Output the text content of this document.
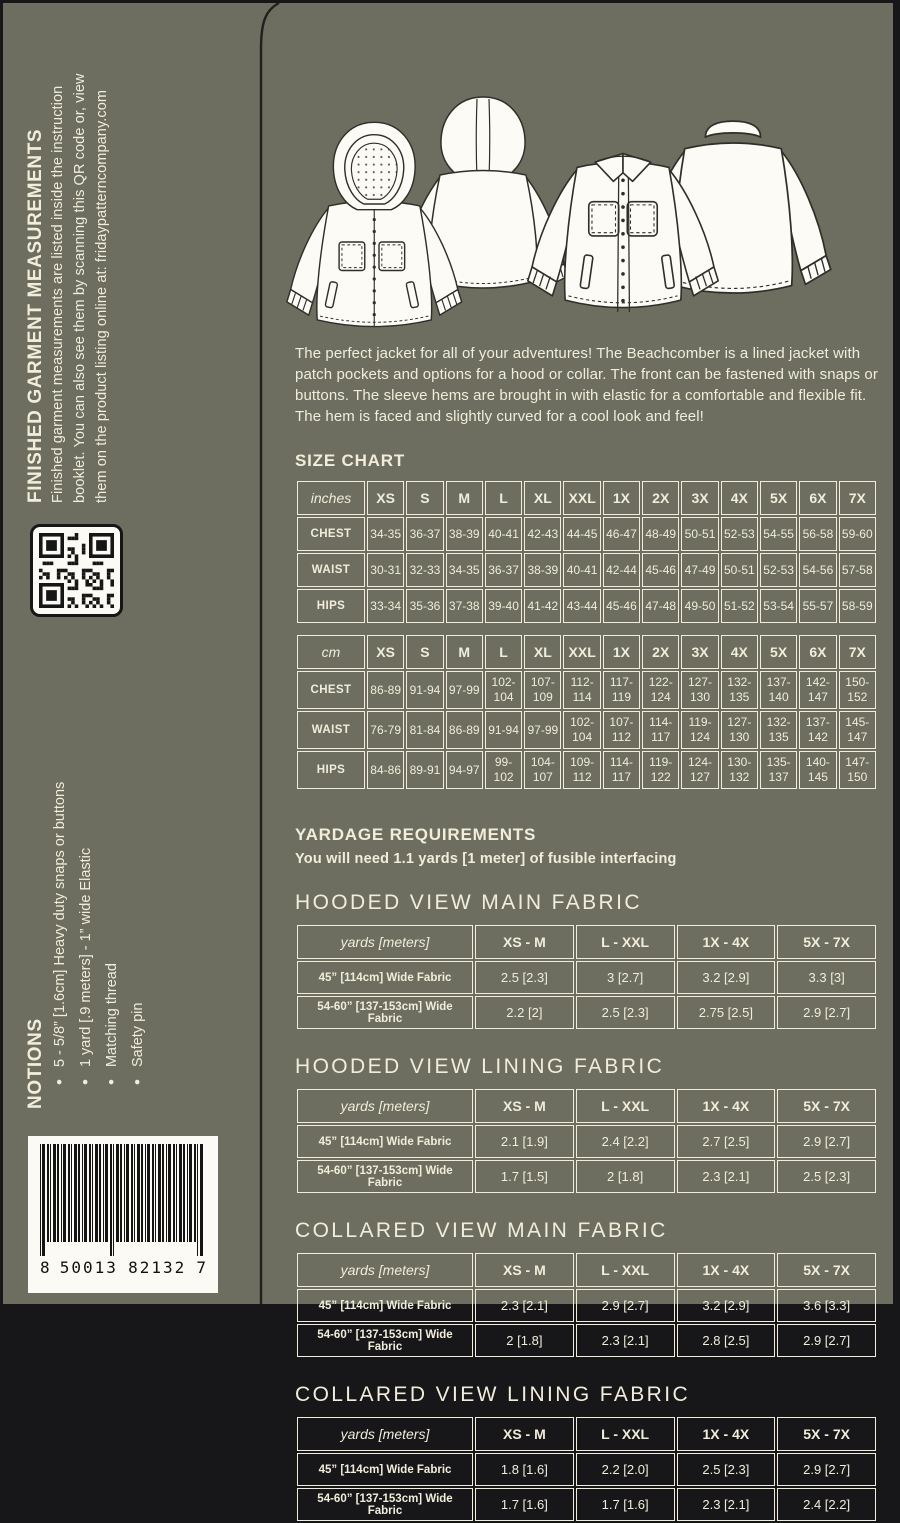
FINISHED GARMENT MEASUREMENTS Finished garment measurements are listed inside the instruction booklet. You can also see them by scanning this QR code or, view them on the product listing online at: fridaypatterncompany.com

NOTIONS • 5 - 5/8” [1.6cm] Heavy duty snaps or buttons • 1 yard [.9 meters] - 1” wide Elastic • Matching thread • Safety pin
8 50013 82132 7

The perfect jacket for all of your adventures! The Beachcomber is a lined jacket with patch pockets and options for a hood or collar. The front can be fastened with snaps or buttons. The sleeve hems are brought in with elastic for a comfortable and flexible fit. The hem is faced and slightly curved for a cool look and feel!

SIZE CHART
inches	XS	S	M	L	XL	XXL	1X	2X	3X	4X	5X	6X	7X
CHEST	34-35	36-37	38-39	40-41	42-43	44-45	46-47	48-49	50-51	52-53	54-55	56-58	59-60
WAIST	30-31	32-33	34-35	36-37	38-39	40-41	42-44	45-46	47-49	50-51	52-53	54-56	57-58
HIPS	33-34	35-36	37-38	39-40	41-42	43-44	45-46	47-48	49-50	51-52	53-54	55-57	58-59
cm	XS	S	M	L	XL	XXL	1X	2X	3X	4X	5X	6X	7X
CHEST	86-89	91-94	97-99	102-104	107-109	112-114	117-119	122-124	127-130	132-135	137-140	142-147	150-152
WAIST	76-79	81-84	86-89	91-94	97-99	102-104	107-112	114-117	119-124	127-130	132-135	137-142	145-147
HIPS	84-86	89-91	94-97	99-102	104-107	109-112	114-117	119-122	124-127	130-132	135-137	140-145	147-150
YARDAGE REQUIREMENTS

You will need 1.1 yards [1 meter] of fusible interfacing

HOODED VIEW MAIN FABRIC
yards [meters]	XS - M	L - XXL	1X - 4X	5X - 7X
45” [114cm] Wide Fabric	2.5 [2.3]	3 [2.7]	3.2 [2.9]	3.3 [3]
54-60” [137-153cm] Wide Fabric	2.2 [2]	2.5 [2.3]	2.75 [2.5]	2.9 [2.7]
HOODED VIEW LINING FABRIC
yards [meters]	XS - M	L - XXL	1X - 4X	5X - 7X
45” [114cm] Wide Fabric	2.1 [1.9]	2.4 [2.2]	2.7 [2.5]	2.9 [2.7]
54-60” [137-153cm] Wide Fabric	1.7 [1.5]	2 [1.8]	2.3 [2.1]	2.5 [2.3]
COLLARED VIEW MAIN FABRIC
yards [meters]	XS - M	L - XXL	1X - 4X	5X - 7X
45” [114cm] Wide Fabric	2.3 [2.1]	2.9 [2.7]	3.2 [2.9]	3.6 [3.3]
54-60” [137-153cm] Wide Fabric	2 [1.8]	2.3 [2.1]	2.8 [2.5]	2.9 [2.7]
COLLARED VIEW LINING FABRIC
yards [meters]	XS - M	L - XXL	1X - 4X	5X - 7X
45” [114cm] Wide Fabric	1.8 [1.6]	2.2 [2.0]	2.5 [2.3]	2.9 [2.7]
54-60” [137-153cm] Wide Fabric	1.7 [1.6]	1.7 [1.6]	2.3 [2.1]	2.4 [2.2]
